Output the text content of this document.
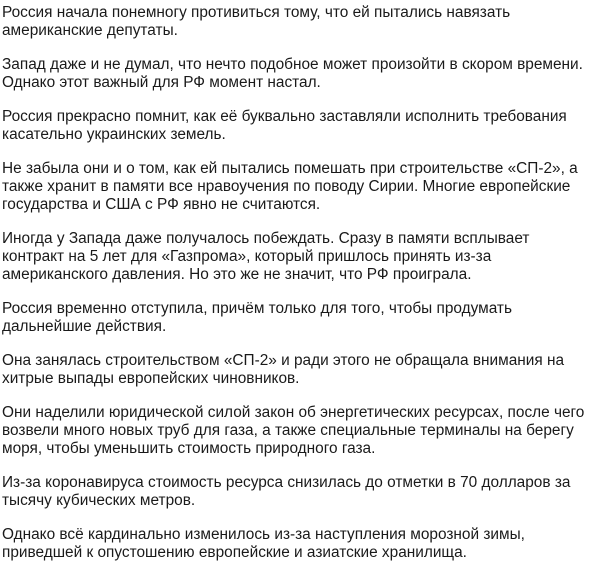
Россия начала понемногу противиться тому, что ей пытались навязать американские депутаты.

Запад даже и не думал, что нечто подобное может произойти в скором времени. Однако этот важный для РФ момент настал.

Россия прекрасно помнит, как её буквально заставляли исполнить требования касательно украинских земель.

Не забыла они и о том, как ей пытались помешать при строительстве «СП-2», а также хранит в памяти все нравоучения по поводу Сирии. Многие европейские государства и США с РФ явно не считаются.

Иногда у Запада даже получалось побеждать. Сразу в памяти всплывает контракт на 5 лет для «Газпрома», который пришлось принять из-за американского давления. Но это же не значит, что РФ проиграла.

Россия временно отступила, причём только для того, чтобы продумать дальнейшие действия.

Она занялась строительством «СП-2» и ради этого не обращала внимания на хитрые выпады европейских чиновников.

Они наделили юридической силой закон об энергетических ресурсах, после чего возвели много новых труб для газа, а также специальные терминалы на берегу моря, чтобы уменьшить стоимость природного газа.

Из-за коронавируса стоимость ресурса снизилась до отметки в 70 долларов за тысячу кубических метров.

Однако всё кардинально изменилось из-за наступления морозной зимы, приведшей к опустошению европейские и азиатские хранилища.
